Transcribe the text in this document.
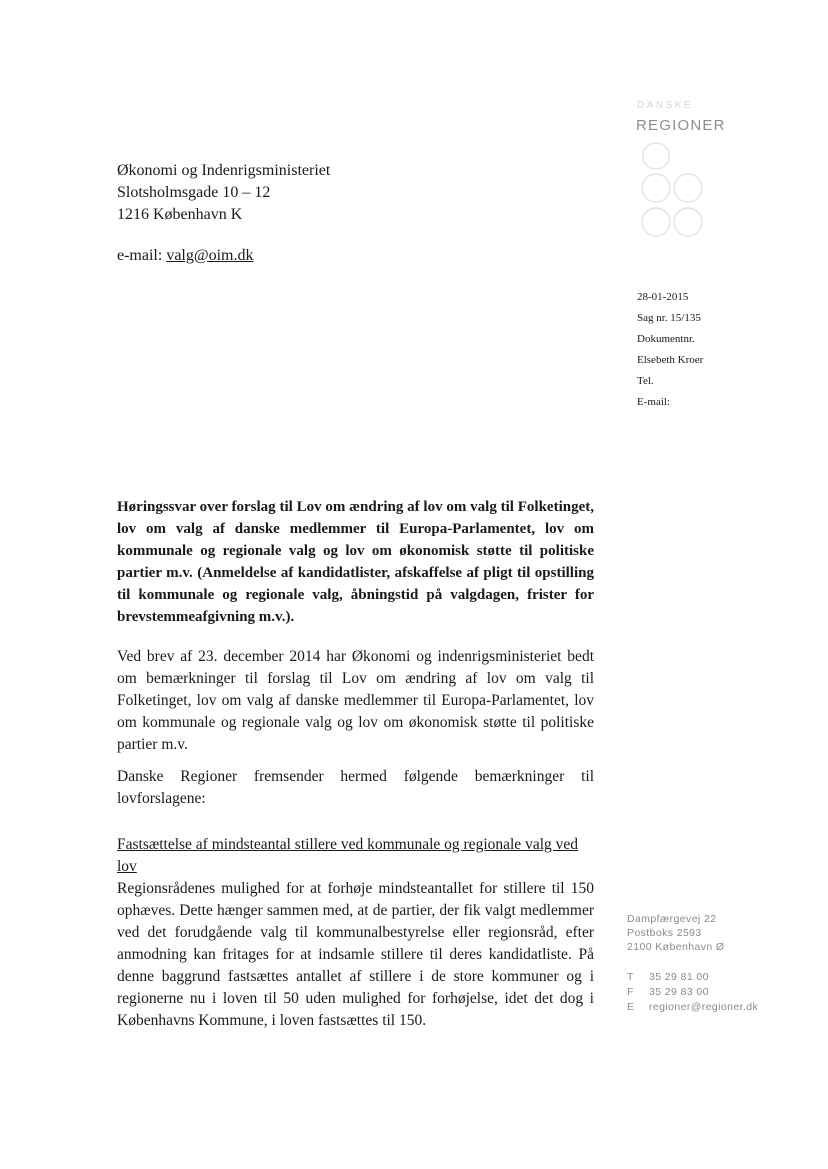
DANSKE
REGIONER
Økonomi og Indenrigsministeriet
Slotsholmsgade 10 – 12
1216 København K
e-mail: valg@oim.dk
28-01-2015
Sag nr. 15/135
Dokumentnr.
Elsebeth Kroer
Tel.
E-mail:
Høringssvar over forslag til Lov om ændring af lov om valg til Folketinget, lov om valg af danske medlemmer til Europa-Parlamentet, lov om kommunale og regionale valg og lov om økonomisk støtte til politiske partier m.v. (Anmeldelse af kandidatlister, afskaffelse af pligt til opstilling til kommunale og regionale valg, åbningstid på valgdagen, frister for brevstemmeafgivning m.v.).
Ved brev af 23. december 2014 har Økonomi og indenrigsministeriet bedt om bemærkninger til forslag til Lov om ændring af lov om valg til Folketinget, lov om valg af danske medlemmer til Europa-Parlamentet, lov om kommunale og regionale valg og lov om økonomisk støtte til politiske partier m.v.
Danske Regioner fremsender hermed følgende bemærkninger til lovforslagene:
Fastsættelse af mindsteantal stillere ved kommunale og regionale valg ved lov
Regionsrådenes mulighed for at forhøje mindsteantallet for stillere til 150 ophæves. Dette hænger sammen med, at de partier, der fik valgt medlemmer ved det forudgående valg til kommunalbestyrelse eller regionsråd, efter anmodning kan fritages for at indsamle stillere til deres kandidatliste. På denne baggrund fastsættes antallet af stillere i de store kommuner og i regionerne nu i loven til 50 uden mulighed for forhøjelse, idet det dog i Københavns Kommune, i loven fastsættes til 150.
Dampfærgevej 22
Postboks 2593
2100 København Ø
T 35 29 81 00
F 35 29 83 00
E regioner@regioner.dk
